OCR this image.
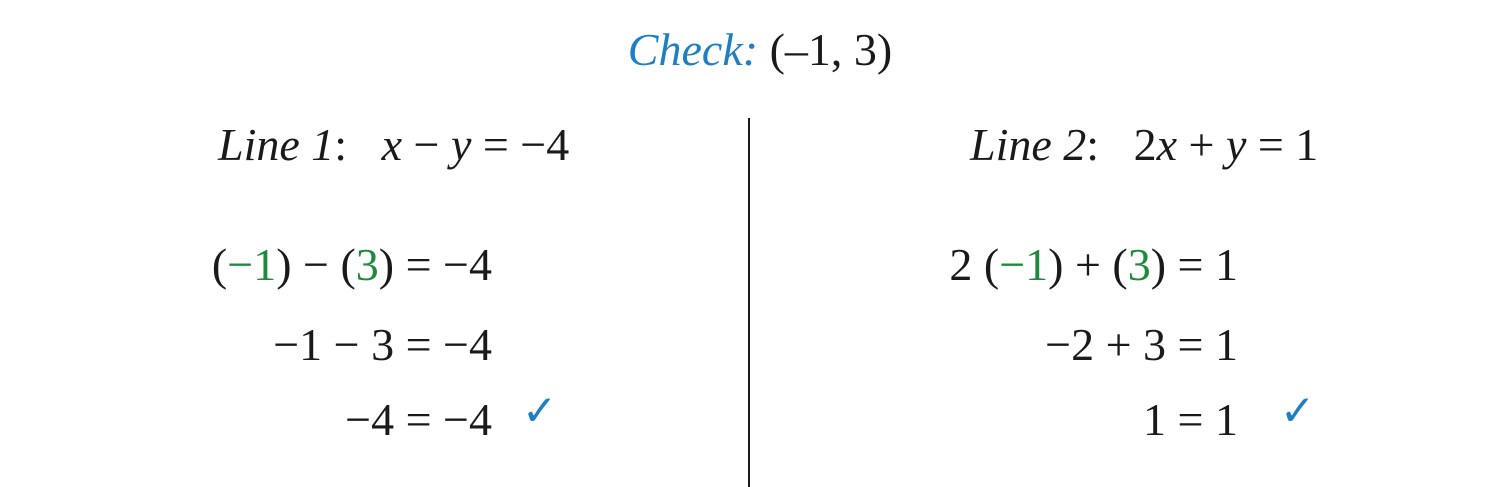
Check: (–1, 3)
Line 1: x − y = −4
(−1) − (3) = −4
−1 − 3 = −4
−4 = −4 ✓
Line 2: 2x + y = 1
2 (−1) + (3) = 1
−2 + 3 = 1
1 = 1 ✓
